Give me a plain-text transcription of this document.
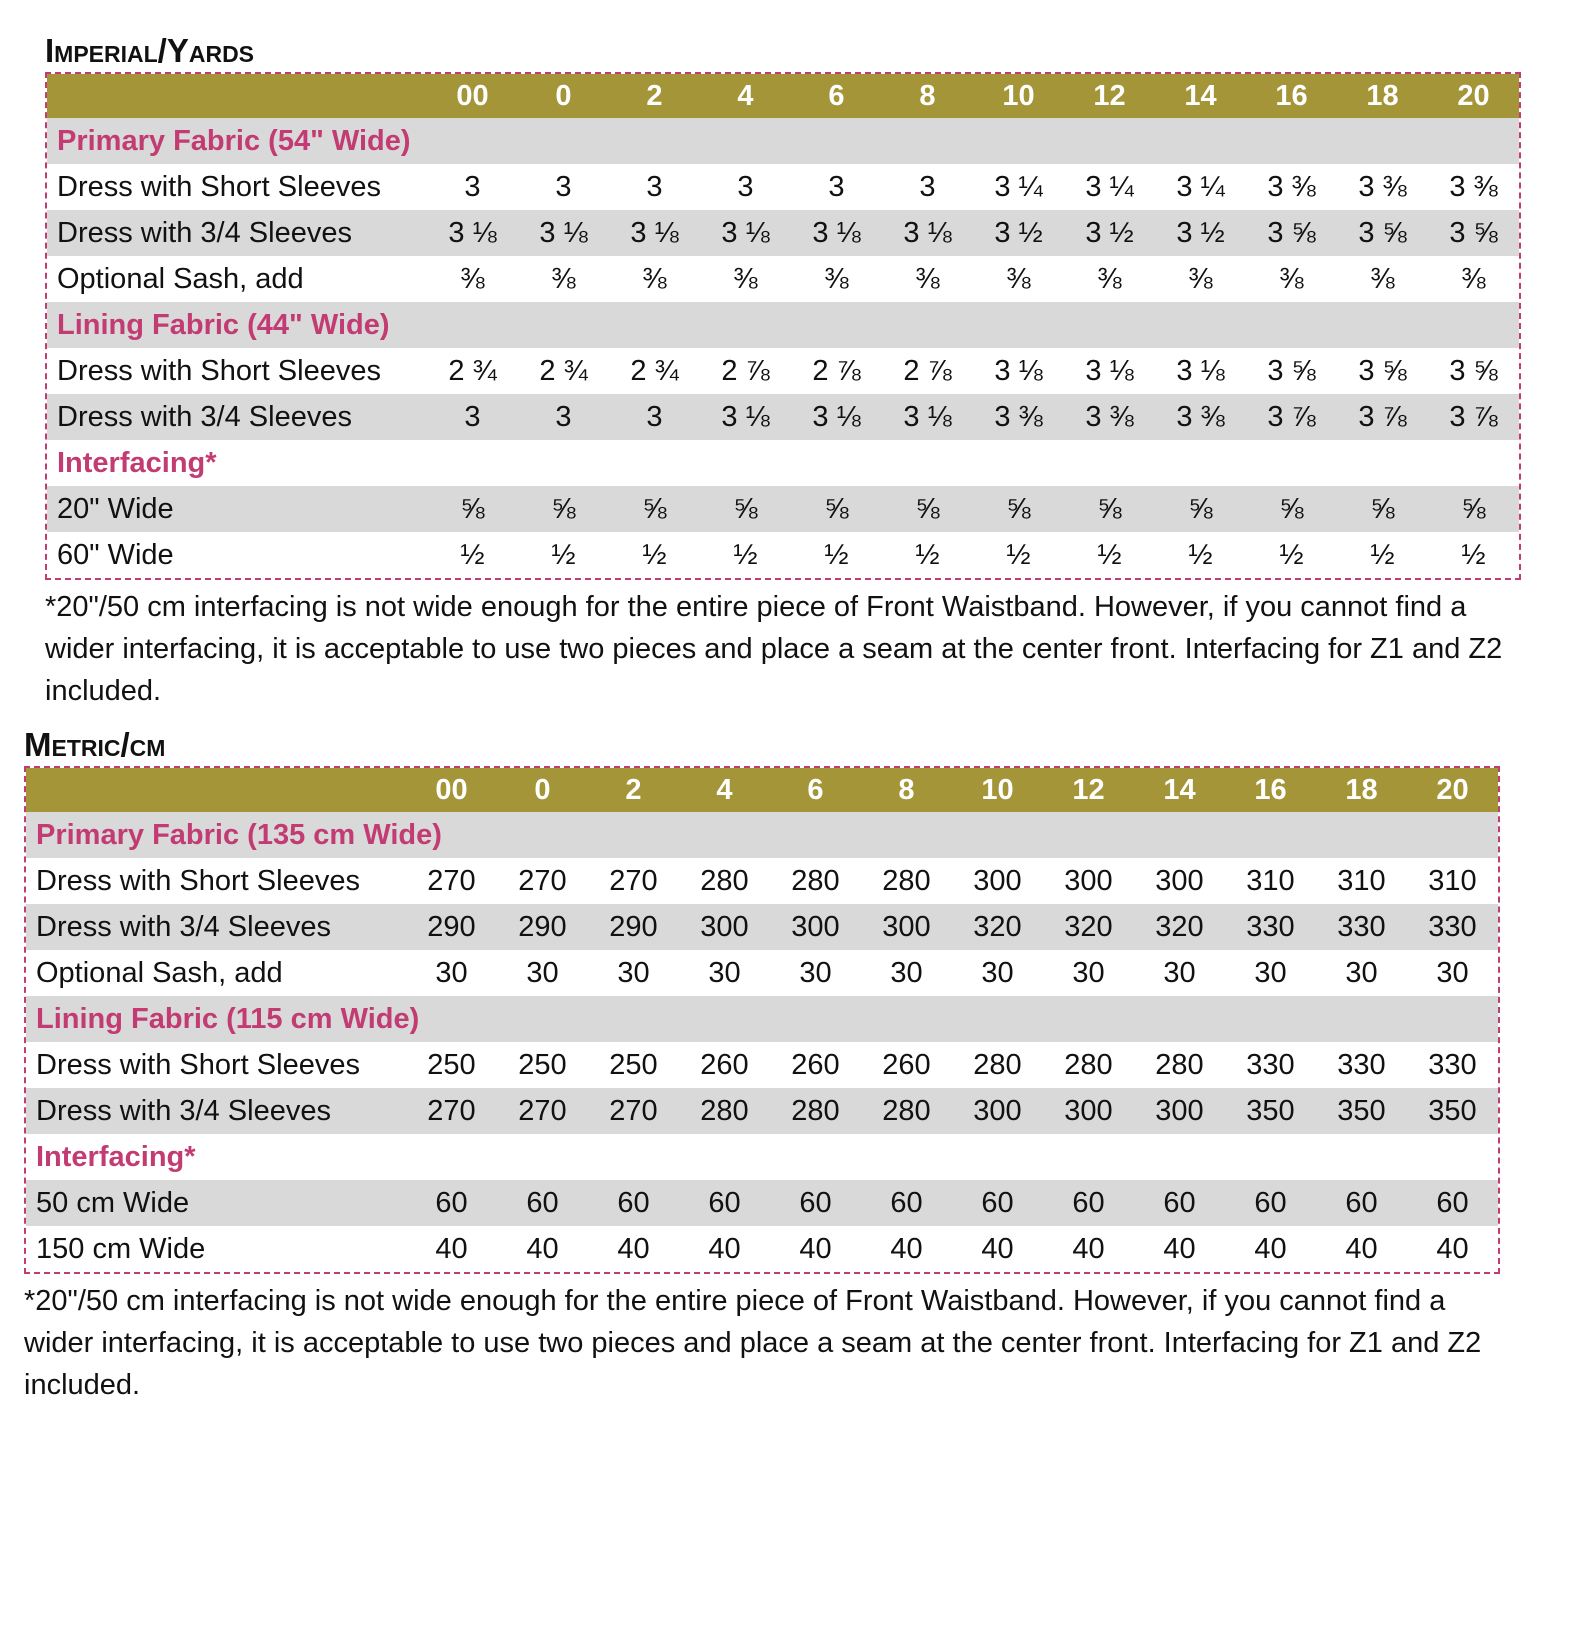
Imperial/Yards
	00	0	2	4	6	8	10	12	14	16	18	20
Primary Fabric (54" Wide)												
Dress with Short Sleeves	3	3	3	3	3	3	3 ¼	3 ¼	3 ¼	3 ⅜	3 ⅜	3 ⅜
Dress with 3/4 Sleeves	3 ⅛	3 ⅛	3 ⅛	3 ⅛	3 ⅛	3 ⅛	3 ½	3 ½	3 ½	3 ⅝	3 ⅝	3 ⅝
Optional Sash, add	⅜	⅜	⅜	⅜	⅜	⅜	⅜	⅜	⅜	⅜	⅜	⅜
Lining Fabric (44" Wide)												
Dress with Short Sleeves	2 ¾	2 ¾	2 ¾	2 ⅞	2 ⅞	2 ⅞	3 ⅛	3 ⅛	3 ⅛	3 ⅝	3 ⅝	3 ⅝
Dress with 3/4 Sleeves	3	3	3	3 ⅛	3 ⅛	3 ⅛	3 ⅜	3 ⅜	3 ⅜	3 ⅞	3 ⅞	3 ⅞
Interfacing*												
20" Wide	⅝	⅝	⅝	⅝	⅝	⅝	⅝	⅝	⅝	⅝	⅝	⅝
60" Wide	½	½	½	½	½	½	½	½	½	½	½	½
*20"/50 cm interfacing is not wide enough for the entire piece of Front Waistband. However, if you cannot find a wider interfacing, it is acceptable to use two pieces and place a seam at the center front. Interfacing for Z1 and Z2 included.
Metric/cm
	00	0	2	4	6	8	10	12	14	16	18	20
Primary Fabric (135 cm Wide)												
Dress with Short Sleeves	270	270	270	280	280	280	300	300	300	310	310	310
Dress with 3/4 Sleeves	290	290	290	300	300	300	320	320	320	330	330	330
Optional Sash, add	30	30	30	30	30	30	30	30	30	30	30	30
Lining Fabric (115 cm Wide)												
Dress with Short Sleeves	250	250	250	260	260	260	280	280	280	330	330	330
Dress with 3/4 Sleeves	270	270	270	280	280	280	300	300	300	350	350	350
Interfacing*												
50 cm Wide	60	60	60	60	60	60	60	60	60	60	60	60
150 cm Wide	40	40	40	40	40	40	40	40	40	40	40	40
*20"/50 cm interfacing is not wide enough for the entire piece of Front Waistband. However, if you cannot find a wider interfacing, it is acceptable to use two pieces and place a seam at the center front. Interfacing for Z1 and Z2 included.
